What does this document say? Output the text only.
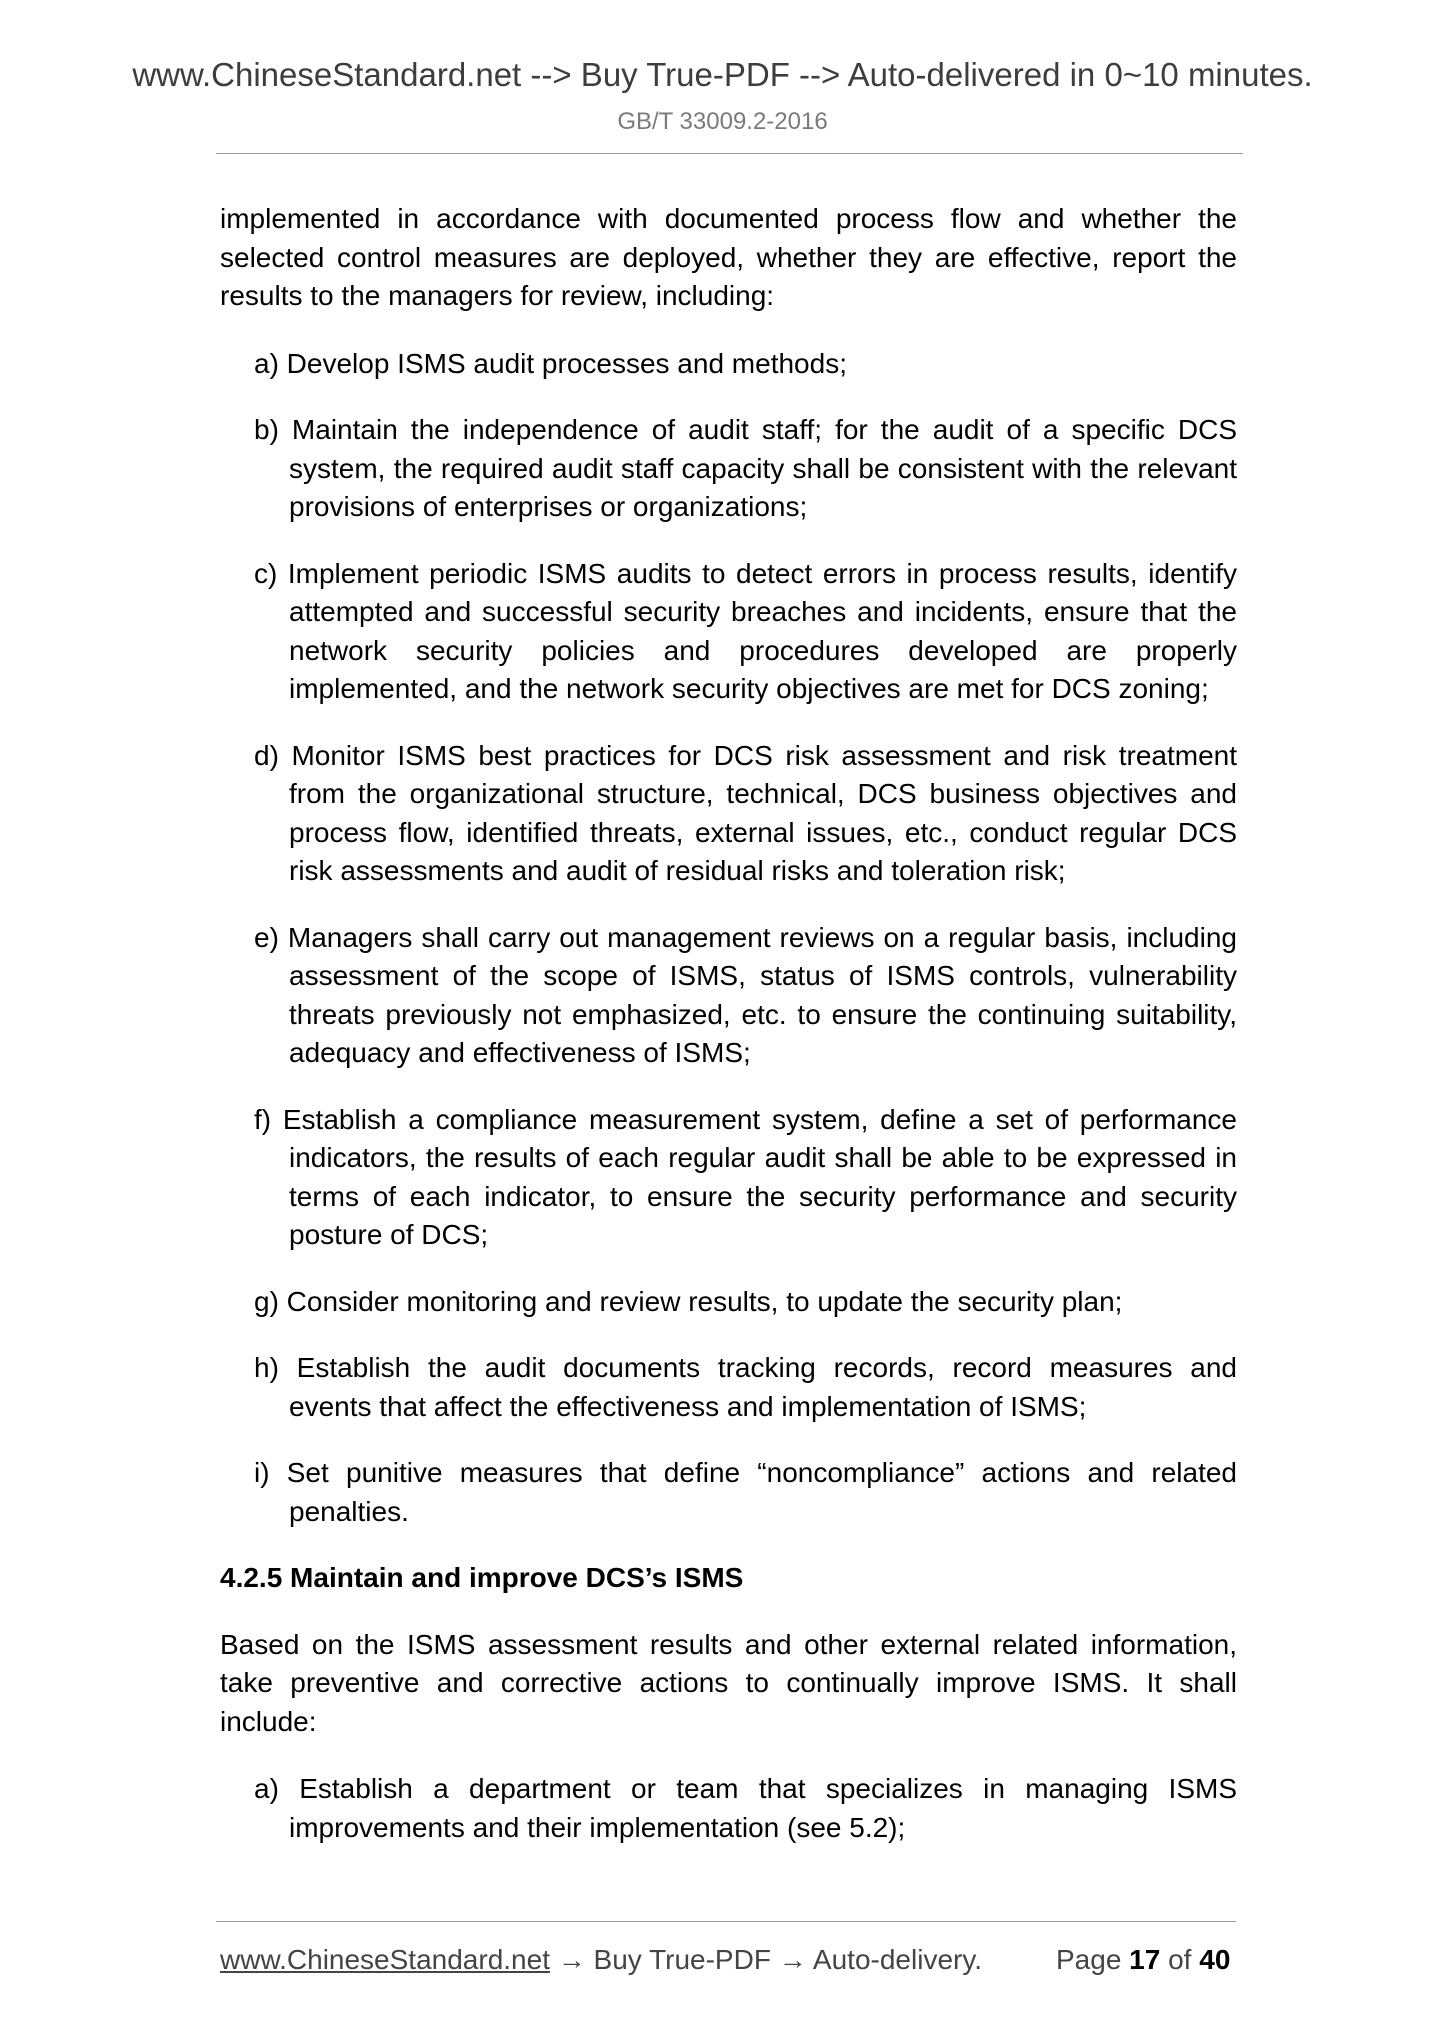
www.ChineseStandard.net --> Buy True-PDF --> Auto-delivered in 0~10 minutes.
GB/T 33009.2-2016

implemented in accordance with documented process flow and whether the selected control measures are deployed, whether they are effective, report the results to the managers for review, including:

a) Develop ISMS audit processes and methods;

b) Maintain the independence of audit staff; for the audit of a specific DCS system, the required audit staff capacity shall be consistent with the relevant provisions of enterprises or organizations;

c) Implement periodic ISMS audits to detect errors in process results, identify attempted and successful security breaches and incidents, ensure that the network security policies and procedures developed are properly implemented, and the network security objectives are met for DCS zoning;

d) Monitor ISMS best practices for DCS risk assessment and risk treatment from the organizational structure, technical, DCS business objectives and process flow, identified threats, external issues, etc., conduct regular DCS risk assessments and audit of residual risks and toleration risk;

e) Managers shall carry out management reviews on a regular basis, including assessment of the scope of ISMS, status of ISMS controls, vulnerability threats previously not emphasized, etc. to ensure the continuing suitability, adequacy and effectiveness of ISMS;

f) Establish a compliance measurement system, define a set of performance indicators, the results of each regular audit shall be able to be expressed in terms of each indicator, to ensure the security performance and security posture of DCS;

g) Consider monitoring and review results, to update the security plan;

h) Establish the audit documents tracking records, record measures and events that affect the effectiveness and implementation of ISMS;

i) Set punitive measures that define “noncompliance” actions and related penalties.

4.2.5 Maintain and improve DCS’s ISMS

Based on the ISMS assessment results and other external related information, take preventive and corrective actions to continually improve ISMS. It shall include:

a) Establish a department or team that specializes in managing ISMS improvements and their implementation (see 5.2);

www.ChineseStandard.net → Buy True-PDF → Auto-delivery.	Page 17 of 40
